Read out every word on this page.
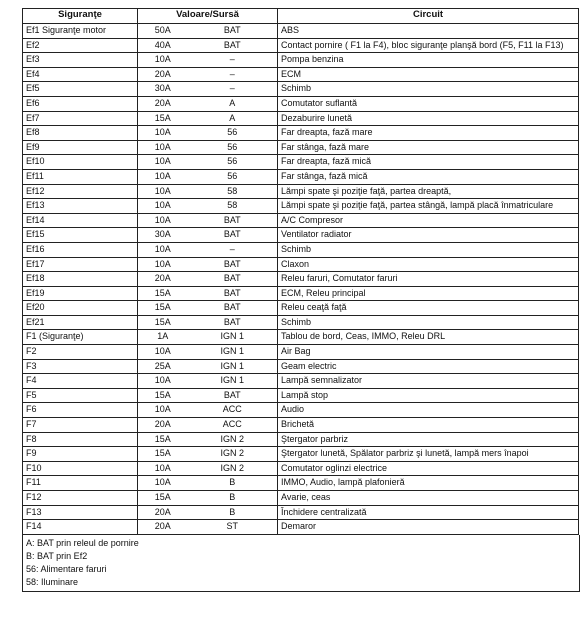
Siguranţe	Valoare/Sursă		Circuit
Ef1 Siguranţe motor	50A	BAT	ABS
Ef2	40A	BAT	Contact pornire ( F1 la F4), bloc siguranţe planşă bord (F5, F11 la F13)
Ef3	10A	–	Pompa benzina
Ef4	20A	–	ECM
Ef5	30A	–	Schimb
Ef6	20A	A	Comutator suflantă
Ef7	15A	A	Dezaburire lunetă
Ef8	10A	56	Far dreapta, fază mare
Ef9	10A	56	Far stânga, fază mare
Ef10	10A	56	Far dreapta, fază mică
Ef11	10A	56	Far stânga, fază mică
Ef12	10A	58	Lămpi spate şi poziţie faţă, partea dreaptă,
Ef13	10A	58	Lămpi spate şi poziţie faţă, partea stângă, lampă placă înmatriculare
Ef14	10A	BAT	A/C Compresor
Ef15	30A	BAT	Ventilator radiator
Ef16	10A	–	Schimb
Ef17	10A	BAT	Claxon
Ef18	20A	BAT	Releu faruri, Comutator faruri
Ef19	15A	BAT	ECM, Releu principal
Ef20	15A	BAT	Releu ceaţă faţă
Ef21	15A	BAT	Schimb
F1 (Siguranţe)	1A	IGN 1	Tablou de bord, Ceas, IMMO, Releu DRL
F2	10A	IGN 1	Air Bag
F3	25A	IGN 1	Geam electric
F4	10A	IGN 1	Lampă semnalizator
F5	15A	BAT	Lampă stop
F6	10A	ACC	Audio
F7	20A	ACC	Brichetă
F8	15A	IGN 2	Ştergator parbriz
F9	15A	IGN 2	Ştergator lunetă, Spălator parbriz şi lunetă, lampă mers înapoi
F10	10A	IGN 2	Comutator oglinzi electrice
F11	10A	B	IMMO, Audio, lampă plafonieră
F12	15A	B	Avarie, ceas
F13	20A	B	Închidere centralizată
F14	20A	ST	Demaror
A: BAT prin releul de pornire
B: BAT prin Ef2
56: Alimentare faruri
58: Iluminare
